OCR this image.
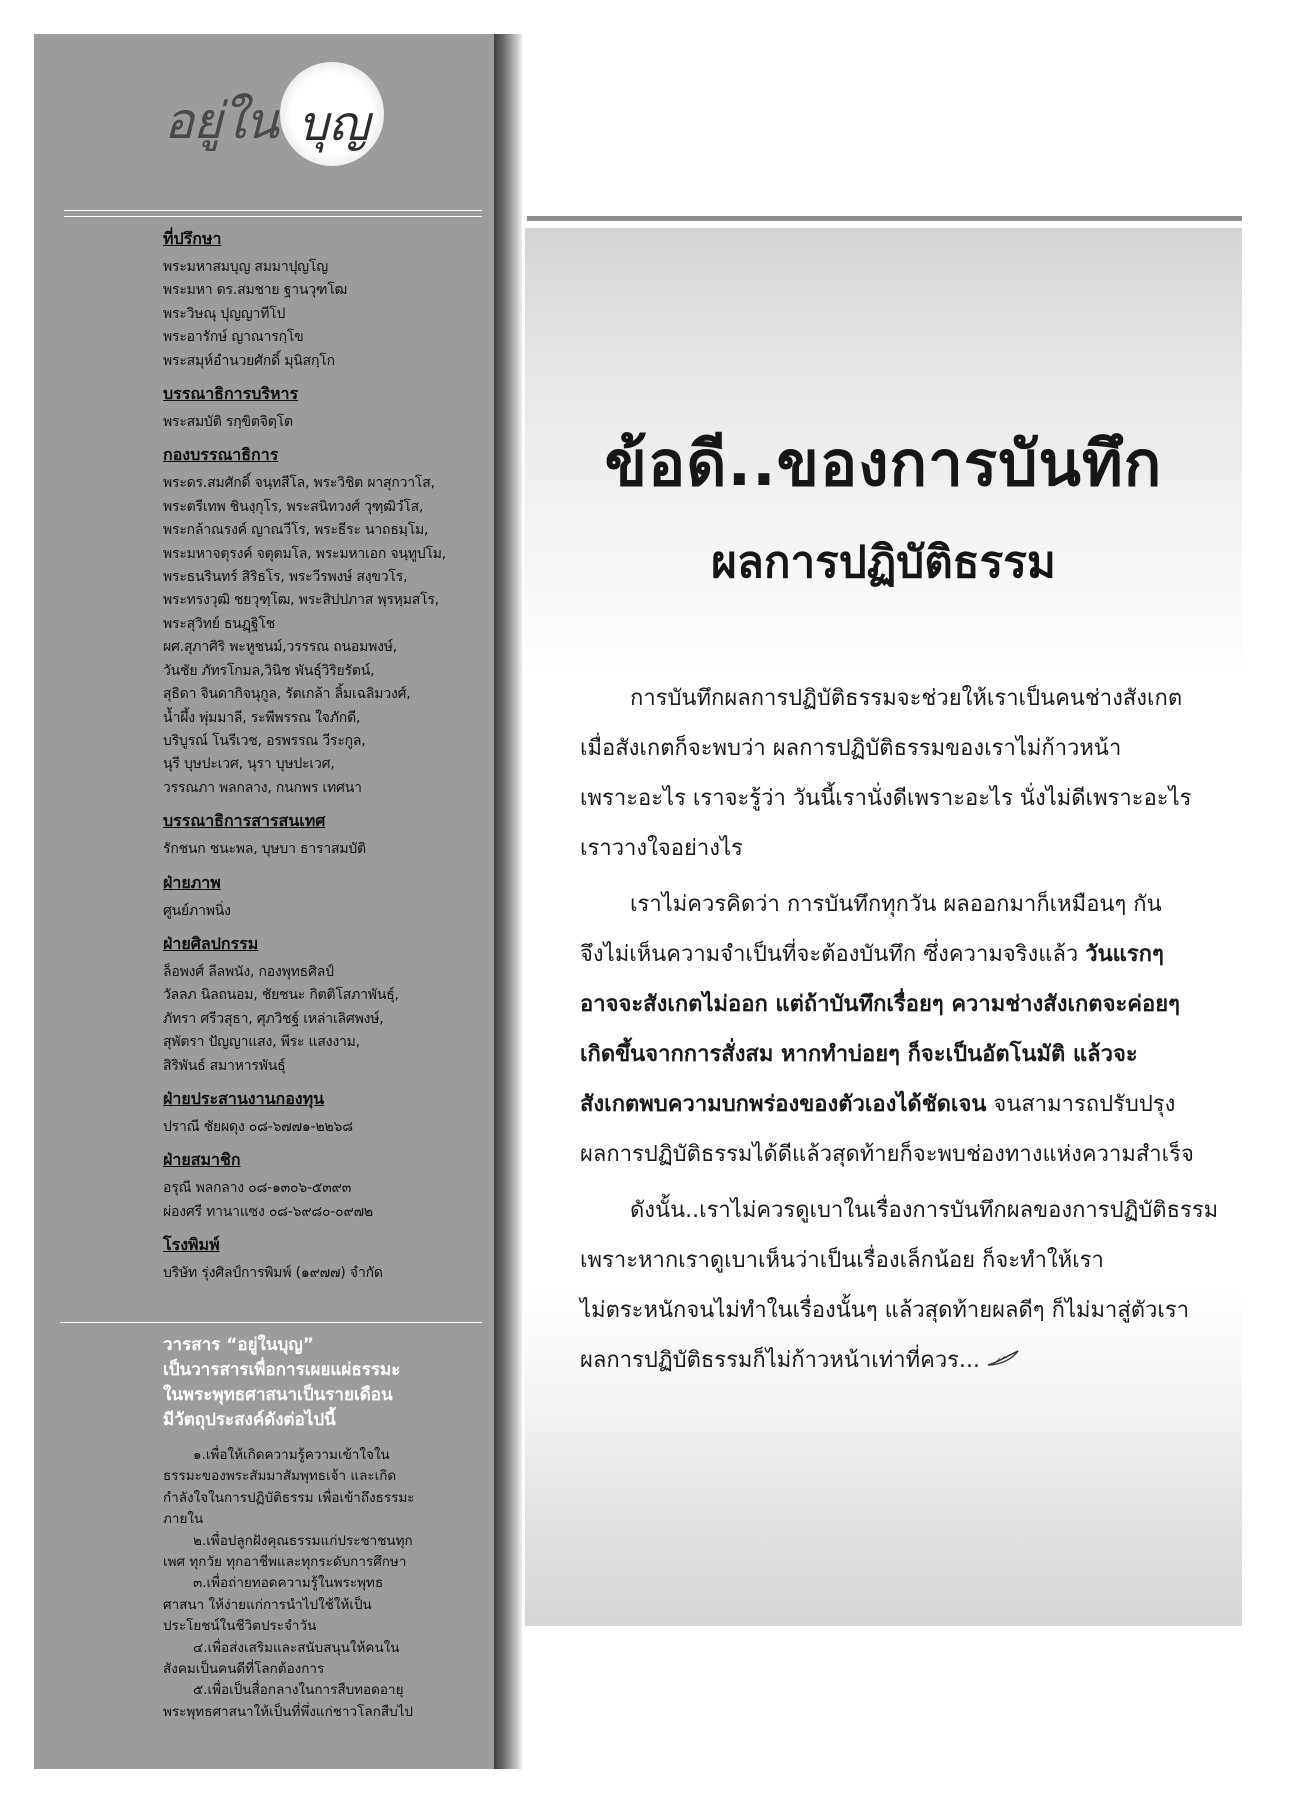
อยู่ใน บุญ
ที่ปรึกษา
พระมหาสมบุญ สมมาปุญโญ
พระมหา ดร.สมชาย ฐานวุฑโฒ
พระวิษณุ ปุญญาทีโป
พระอารักษ์ ญาณารกฺโข
พระสมุห์อำนวยศักดิ์ มุนิสกฺโก
บรรณาธิการบริหาร
พระสมบัติ รกฺขิตจิตฺโต
กองบรรณาธิการ
พระดร.สมศักดิ์ จนฺทสีโล, พระวิชิต ผาสุกวาโส,
พระตรีเทพ ชินงฺกุโร, พระสนิทวงศ์ วุฑฺฒิวํโส,
พระกล้าณรงค์ ญาณวีโร, พระธีระ นาถธมฺโม,
พระมหาจตุรงค์ จตุตมโล, พระมหาเอก จนฺทูปโม,
พระธนรินทร์ สิริธโร, พระวีรพงษ์ สงฺขวโร,
พระทรงวุฒิ ชยวุฑฺโฒ, พระสิปปภาส พฺรหฺมสโร,
พระสุวิทย์ ธนฏฺฐิโช
ผศ.สุภาศิริ พะหูชนม์,วรรรณ ถนอมพงษ์,
วันชัย ภัทรโกมล,วินิช พันธุ์วิริยรัตน์,
สุธิดา จินดากิจนุกูล, รัตเกล้า ลิ้มเฉลิมวงศ์,
น้ำผึ้ง พุ่มมาลี, ระพีพรรณ ใจภักดี,
บริบูรณ์ โนรีเวช, อรพรรณ วีระกูล,
นุรี บุษปะเวศ, นุรา บุษปะเวศ,
วรรณภา พลกลาง, กนกพร เทศนา
บรรณาธิการสารสนเทศ
รักชนก ชนะพล, บุษบา ธาราสมบัติ
ฝ่ายภาพ
ศูนย์ภาพนิ่ง
ฝ่ายศิลปกรรม
ล็อพงศ์ ลีลพนัง, กองพุทธศิลป์
วัลลภ นิลถนอม, ชัยชนะ กิตติโสภาพันธุ์,
ภัทรา ศรีวสุธา, ศุภวิชฐ์ เหล่าเลิศพงษ์,
สุพัตรา ปัญญาแสง, พีระ แสงงาม,
สิริพันธ์ สมาหารพันธุ์
ฝ่ายประสานงานกองทุน
ปราณี ชัยผดุง ๐๘-๖๗๗๑-๒๒๖๘
ฝ่ายสมาชิก
อรุณี พลกลาง ๐๘-๑๓๐๖-๕๓๙๓
ผ่องศรี ทานาแซง ๐๘-๖๙๘๐-๐๙๗๒
โรงพิมพ์
บริษัท รุ่งศิลป์การพิมพ์ (๑๙๗๗) จำกัด
วารสาร “อยู่ในบุญ”
เป็นวารสารเพื่อการเผยแผ่ธรรมะ
ในพระพุทธศาสนาเป็นรายเดือน
มีวัตถุประสงค์ดังต่อไปนี้
๑.เพื่อให้เกิดความรู้ความเข้าใจในธรรมะของพระสัมมาสัมพุทธเจ้า และเกิดกำลังใจในการปฏิบัติธรรม เพื่อเข้าถึงธรรมะภายใน
๒.เพื่อปลูกฝังคุณธรรมแก่ประชาชนทุกเพศ ทุกวัย ทุกอาชีพและทุกระดับการศึกษา
๓.เพื่อถ่ายทอดความรู้ในพระพุทธศาสนา ให้ง่ายแก่การนำไปใช้ให้เป็นประโยชน์ในชีวิตประจำวัน
๔.เพื่อส่งเสริมและสนับสนุนให้คนในสังคมเป็นคนดีที่โลกต้องการ
๕.เพื่อเป็นสื่อกลางในการสืบทอดอายุพระพุทธศาสนาให้เป็นที่พึ่งแก่ชาวโลกสืบไป
ข้อดี..ของการบันทึก
ผลการปฏิบัติธรรม
การบันทึกผลการปฏิบัติธรรมจะช่วยให้เราเป็นคนช่างสังเกต
เมื่อสังเกตก็จะพบว่า ผลการปฏิบัติธรรมของเราไม่ก้าวหน้า
เพราะอะไร เราจะรู้ว่า วันนี้เรานั่งดีเพราะอะไร นั่งไม่ดีเพราะอะไร
เราวางใจอย่างไร
เราไม่ควรคิดว่า การบันทึกทุกวัน ผลออกมาก็เหมือนๆ กัน
จึงไม่เห็นความจำเป็นที่จะต้องบันทึก ซึ่งความจริงแล้ว วันแรกๆ
อาจจะสังเกตไม่ออก แต่ถ้าบันทึกเรื่อยๆ ความช่างสังเกตจะค่อยๆ
เกิดขึ้นจากการสั่งสม หากทำบ่อยๆ ก็จะเป็นอัตโนมัติ แล้วจะ
สังเกตพบความบกพร่องของตัวเองได้ชัดเจน จนสามารถปรับปรุง
ผลการปฏิบัติธรรมได้ดีแล้วสุดท้ายก็จะพบช่องทางแห่งความสำเร็จ
ดังนั้น..เราไม่ควรดูเบาในเรื่องการบันทึกผลของการปฏิบัติธรรม
เพราะหากเราดูเบาเห็นว่าเป็นเรื่องเล็กน้อย ก็จะทำให้เรา
ไม่ตระหนักจนไม่ทำในเรื่องนั้นๆ แล้วสุดท้ายผลดีๆ ก็ไม่มาสู่ตัวเรา
ผลการปฏิบัติธรรมก็ไม่ก้าวหน้าเท่าที่ควร...
